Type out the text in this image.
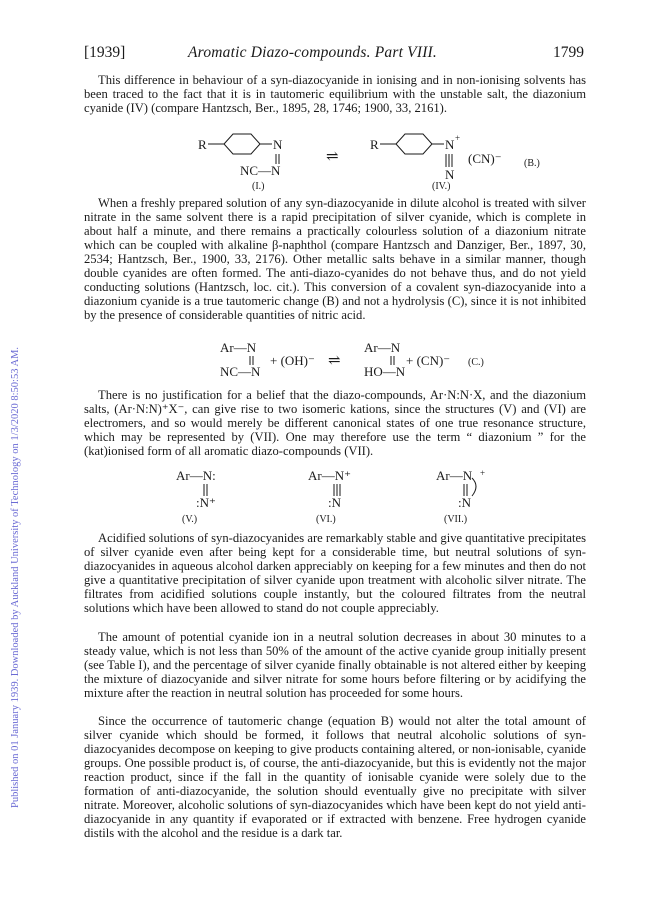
Published on 01 January 1939. Downloaded by Auckland University of Technology on 1/3/2020 8:50:53 AM.
[1939]	Aromatic Diazo-compounds. Part VIII.	1799

This difference in behaviour of a syn-diazocyanide in ionising and in non-ionising solvents has been traced to the fact that it is in tautomeric equilibrium with the unstable salt, the diazonium cyanide (IV) (compare Hantzsch, Ber., 1895, 28, 1746; 1900, 33, 2161).

R	N
NC—N
⇌
(I.)
R	N +
N
(CN)⁻ (B.)
(IV.)

When a freshly prepared solution of any syn-diazocyanide in dilute alcohol is treated with silver nitrate in the same solvent there is a rapid precipitation of silver cyanide, which is complete in about half a minute, and there remains a practically colourless solution of a diazonium nitrate which can be coupled with alkaline β-naphthol (compare Hantzsch and Danziger, Ber., 1897, 30, 2534; Hantzsch, Ber., 1900, 33, 2176). Other metallic salts behave in a similar manner, though double cyanides are often formed. The anti-diazo-cyanides do not behave thus, and do not yield conducting solutions (Hantzsch, loc. cit.). This conversion of a covalent syn-diazocyanide into a diazonium cyanide is a true tautomeric change (B) and not a hydrolysis (C), since it is not inhibited by the presence of considerable quantities of nitric acid.

Ar—N
NC—N
+ (OH)⁻ ⇌
Ar—N
HO—N
+ (CN)⁻ (C.)

There is no justification for a belief that the diazo-compounds, Ar·N:N·X, and the diazonium salts, (Ar·N:N)⁺X⁻, can give rise to two isomeric kations, since the structures (V) and (VI) are electromers, and so would merely be different canonical states of one true resonance structure, which may be represented by (VII). One may therefore use the term “ diazonium ” for the (kat)ionised form of all aromatic diazo-compounds (VII).

Ar—N:
:N⁺
(V.)
Ar—N⁺
:N
(VI.)
Ar—N +
:N
(VII.)

Acidified solutions of syn-diazocyanides are remarkably stable and give quantitative precipitates of silver cyanide even after being kept for a considerable time, but neutral solutions of syn-diazocyanides in aqueous alcohol darken appreciably on keeping for a few minutes and then do not give a quantitative precipitation of silver cyanide upon treatment with alcoholic silver nitrate. The filtrates from acidified solutions couple instantly, but the coloured filtrates from the neutral solutions which have been allowed to stand do not couple appreciably.

The amount of potential cyanide ion in a neutral solution decreases in about 30 minutes to a steady value, which is not less than 50% of the amount of the active cyanide group initially present (see Table I), and the percentage of silver cyanide finally obtainable is not altered either by keeping the mixture of diazocyanide and silver nitrate for some hours before filtering or by acidifying the mixture after the reaction in neutral solution has proceeded for some hours.

Since the occurrence of tautomeric change (equation B) would not alter the total amount of silver cyanide which should be formed, it follows that neutral alcoholic solutions of syn-diazocyanides decompose on keeping to give products containing altered, or non-ionisable, cyanide groups. One possible product is, of course, the anti-diazocyanide, but this is evidently not the major reaction product, since if the fall in the quantity of ionisable cyanide were solely due to the formation of anti-diazocyanide, the solution should eventually give no precipitate with silver nitrate. Moreover, alcoholic solutions of syn-diazocyanides which have been kept do not yield anti-diazocyanide in any quantity if evaporated or if extracted with benzene. Free hydrogen cyanide distils with the alcohol and the residue is a dark tar.
